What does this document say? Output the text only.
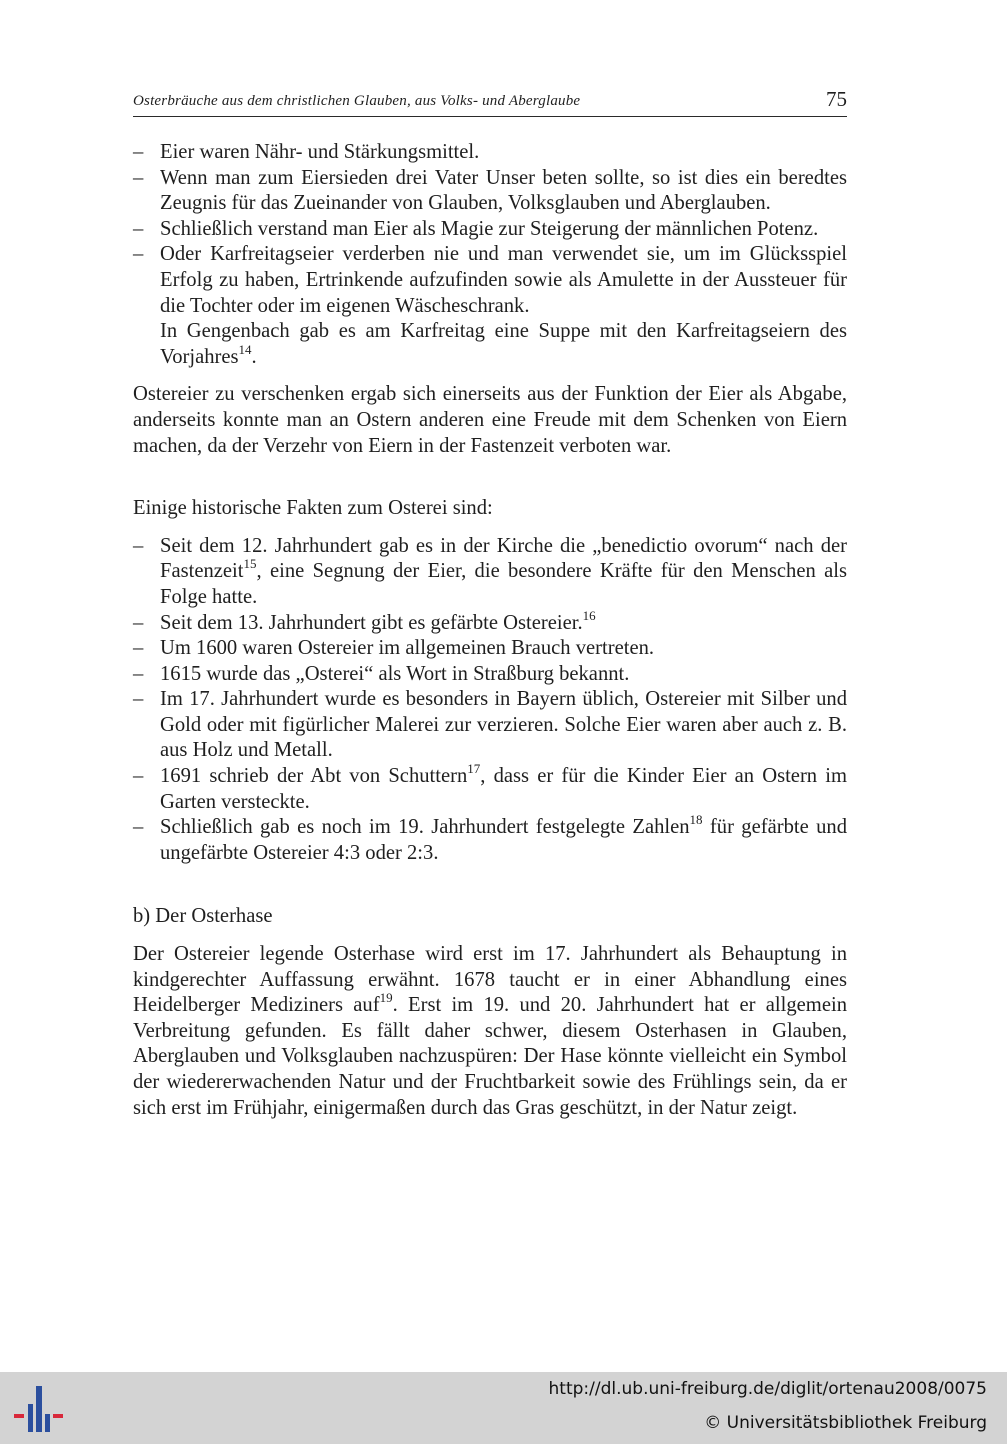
Osterbräuche aus dem christlichen Glauben, aus Volks- und Aberglaube	75
– Eier waren Nähr- und Stärkungsmittel.
– Wenn man zum Eiersieden drei Vater Unser beten sollte, so ist dies ein beredtes Zeugnis für das Zueinander von Glauben, Volksglauben und Aberglauben.
– Schließlich verstand man Eier als Magie zur Steigerung der männlichen Potenz.
– Oder Karfreitagseier verderben nie und man verwendet sie, um im Glücksspiel Erfolg zu haben, Ertrinkende aufzufinden sowie als Amulette in der Aussteuer für die Tochter oder im eigenen Wäscheschrank.
In Gengenbach gab es am Karfreitag eine Suppe mit den Karfreitagseiern des Vorjahres$^{14}$.

Ostereier zu verschenken ergab sich einerseits aus der Funktion der Eier als Abgabe, anderseits konnte man an Ostern anderen eine Freude mit dem Schenken von Eiern machen, da der Verzehr von Eiern in der Fastenzeit verboten war.

Einige historische Fakten zum Osterei sind:

– Seit dem 12. Jahrhundert gab es in der Kirche die „benedictio ovorum“ nach der Fastenzeit$^{15}$, eine Segnung der Eier, die besondere Kräfte für den Menschen als Folge hatte.
– Seit dem 13. Jahrhundert gibt es gefärbte Ostereier.$^{16}$
– Um 1600 waren Ostereier im allgemeinen Brauch vertreten.
– 1615 wurde das „Osterei“ als Wort in Straßburg bekannt.
– Im 17. Jahrhundert wurde es besonders in Bayern üblich, Ostereier mit Silber und Gold oder mit figürlicher Malerei zur verzieren. Solche Eier waren aber auch z. B. aus Holz und Metall.
– 1691 schrieb der Abt von Schuttern$^{17}$, dass er für die Kinder Eier an Ostern im Garten versteckte.
– Schließlich gab es noch im 19. Jahrhundert festgelegte Zahlen$^{18}$ für gefärbte und ungefärbte Ostereier 4:3 oder 2:3.

b) Der Osterhase

Der Ostereier legende Osterhase wird erst im 17. Jahrhundert als Behauptung in kindgerechter Auffassung erwähnt. 1678 taucht er in einer Abhandlung eines Heidelberger Mediziners auf$^{19}$. Erst im 19. und 20. Jahrhundert hat er allgemein Verbreitung gefunden. Es fällt daher schwer, diesem Osterhasen in Glauben, Aberglauben und Volksglauben nachzuspüren: Der Hase könnte vielleicht ein Symbol der wiedererwachenden Natur und der Fruchtbarkeit sowie des Frühlings sein, da er sich erst im Frühjahr, einigermaßen durch das Gras geschützt, in der Natur zeigt.

http://dl.ub.uni-freiburg.de/diglit/ortenau2008/0075
© Universitätsbibliothek Freiburg
